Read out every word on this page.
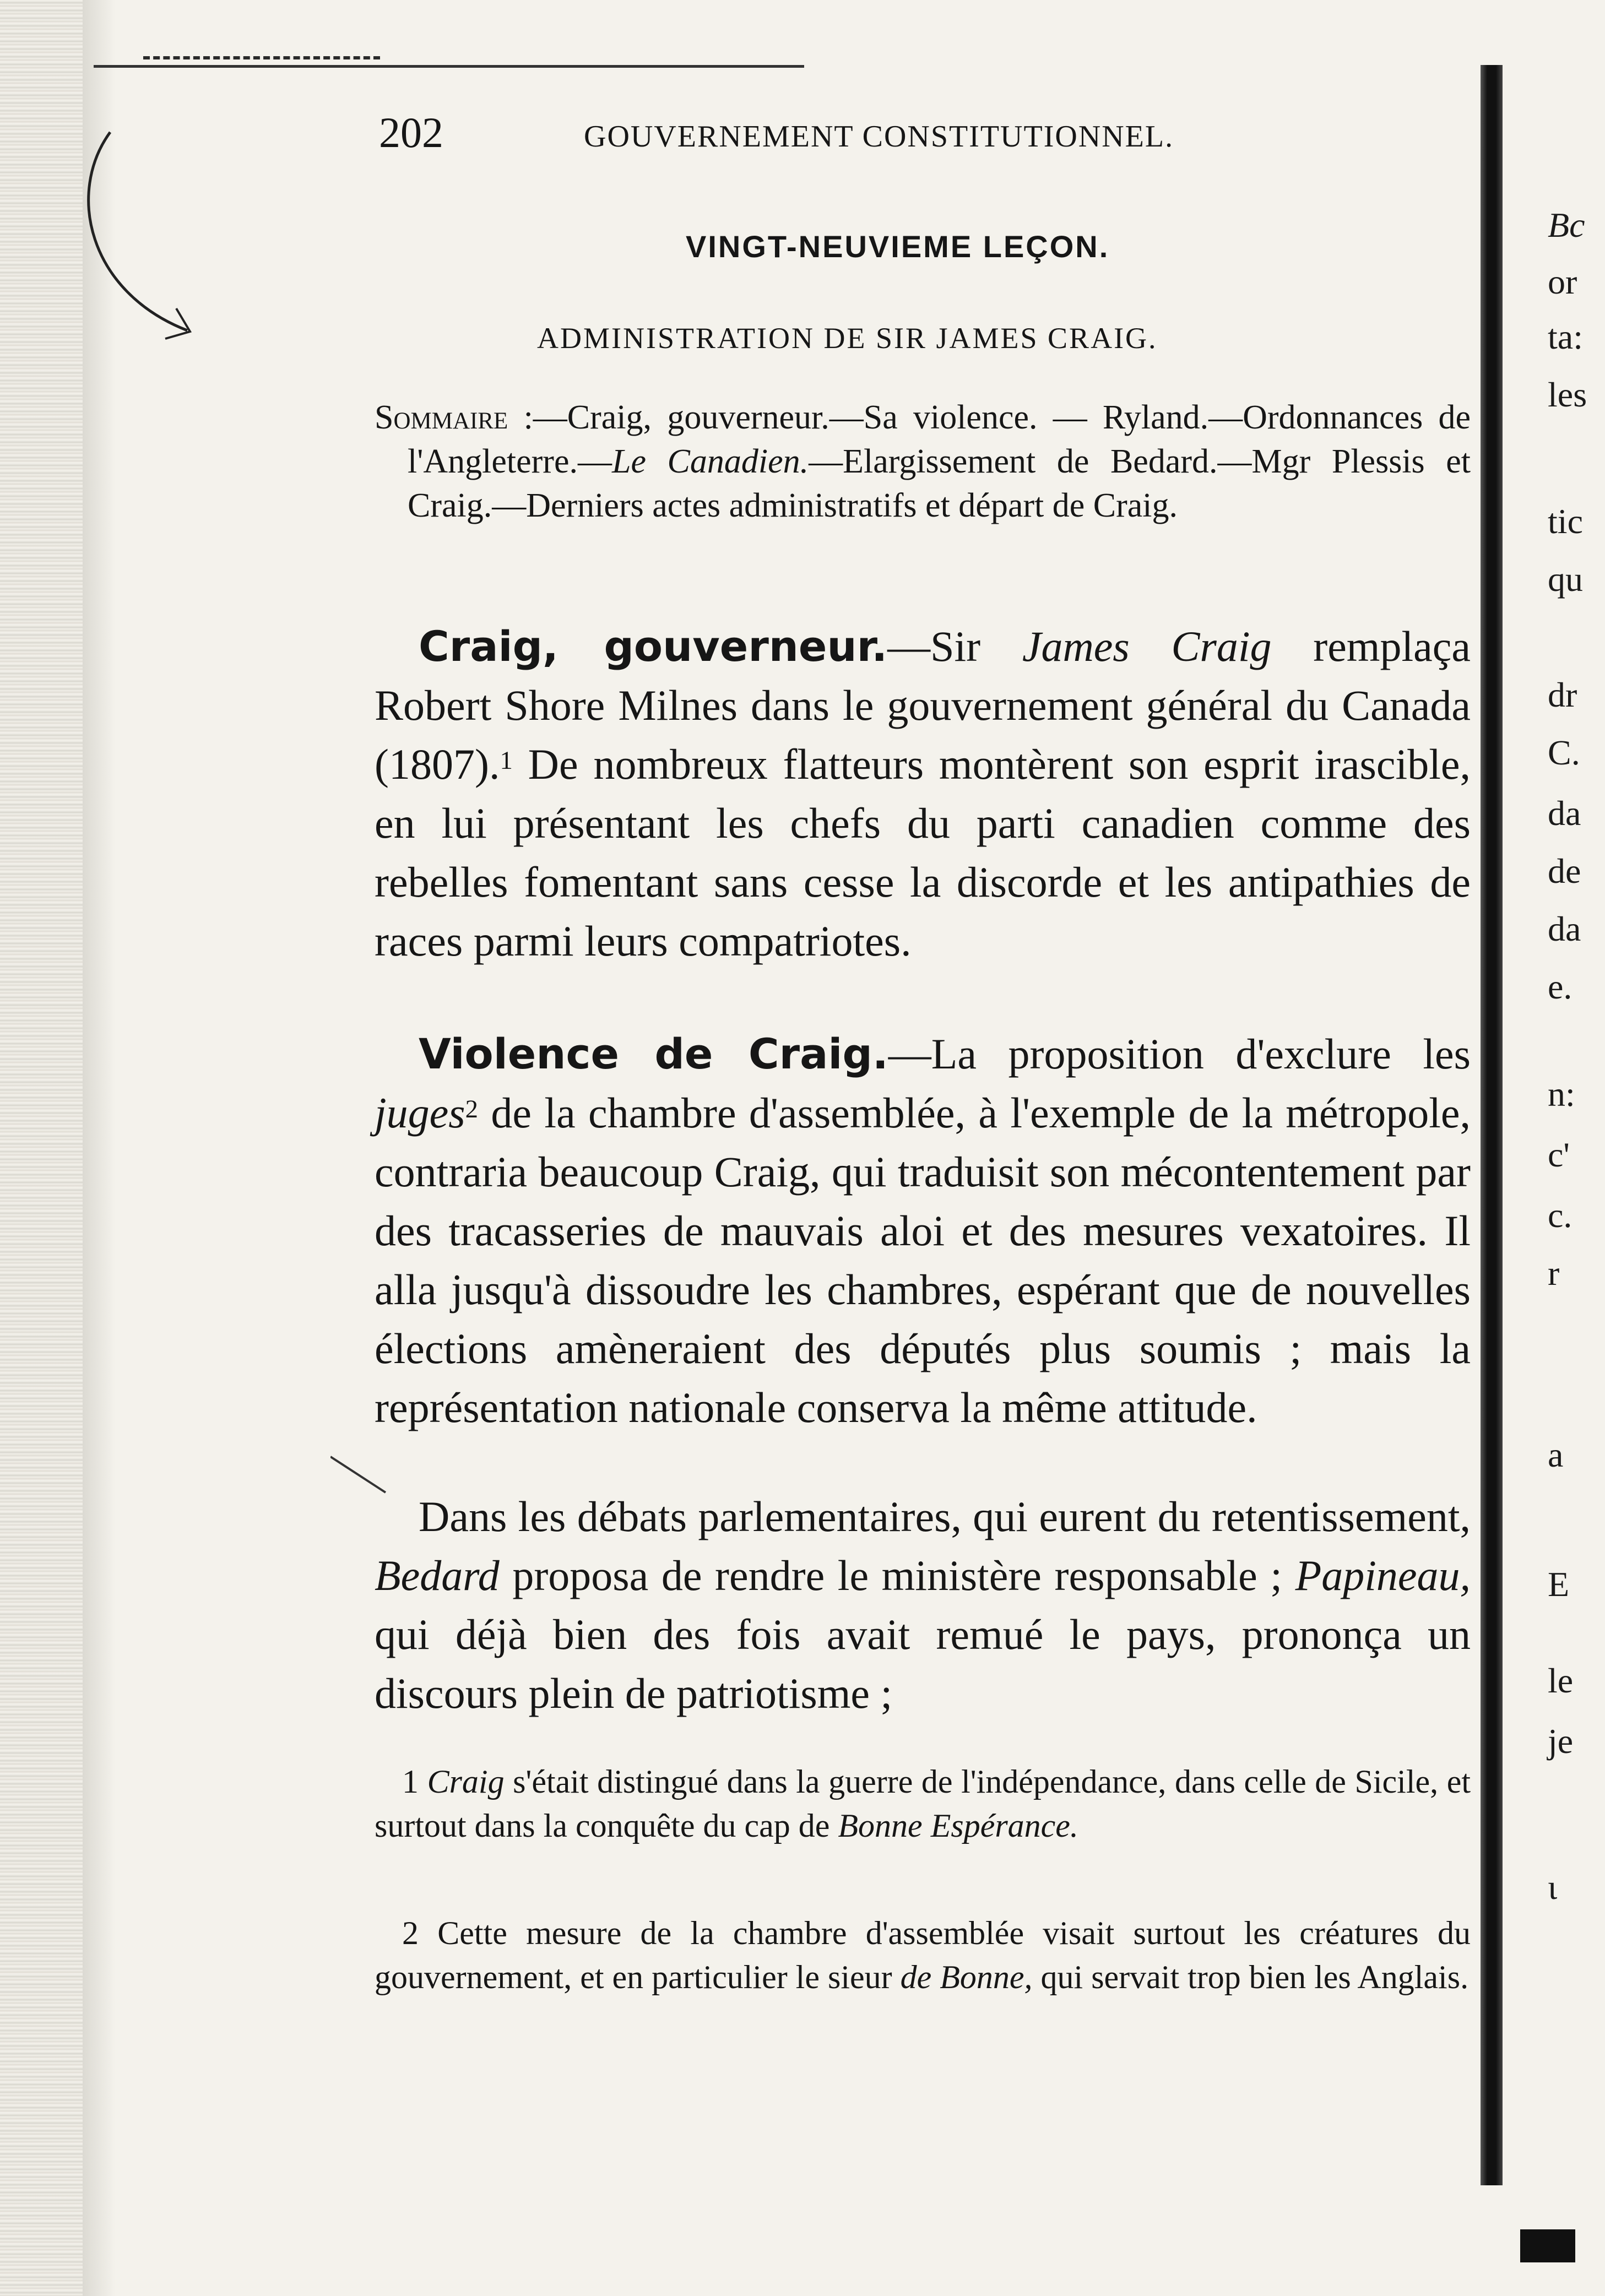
202	GOUVERNEMENT CONSTITUTIONNEL.
VINGT-NEUVIEME LEÇON.
ADMINISTRATION DE SIR JAMES CRAIG.
Sommaire :—Craig, gouverneur.—Sa violence. — Ryland.—Ordonnances de l'Angleterre.—Le Canadien.—Elargissement de Bedard.—Mgr Plessis et Craig.—Derniers actes administratifs et départ de Craig.

Craig, gouverneur.—Sir James Craig remplaça Robert Shore Milnes dans le gouvernement général du Canada (1807).$^1$ De nombreux flatteurs montèrent son esprit irascible, en lui présentant les chefs du parti canadien comme des rebelles fomentant sans cesse la discorde et les antipathies de races parmi leurs compatriotes.

Violence de Craig.—La proposition d'exclure les juges$^2$ de la chambre d'assemblée, à l'exemple de la métropole, contraria beaucoup Craig, qui traduisit son mécontentement par des tracasseries de mauvais aloi et des mesures vexatoires. Il alla jusqu'à dissoudre les chambres, espérant que de nouvelles élections amèneraient des députés plus soumis ; mais la représentation nationale conserva la même attitude.

Dans les débats parlementaires, qui eurent du retentissement, Bedard proposa de rendre le ministère responsable ; Papineau, qui déjà bien des fois avait remué le pays, prononça un discours plein de patriotisme ;

1 Craig s'était distingué dans la guerre de l'indépendance, dans celle de Sicile, et surtout dans la conquête du cap de Bonne Espérance.

2 Cette mesure de la chambre d'assemblée visait surtout les créatures du gouvernement, et en particulier le sieur de Bonne, qui servait trop bien les Anglais.

Bc
or
ta:
les
tic
qu
dr
C.
da
de
da
e.
n:
c'
c.
r
a
E
le
je
ɩ
